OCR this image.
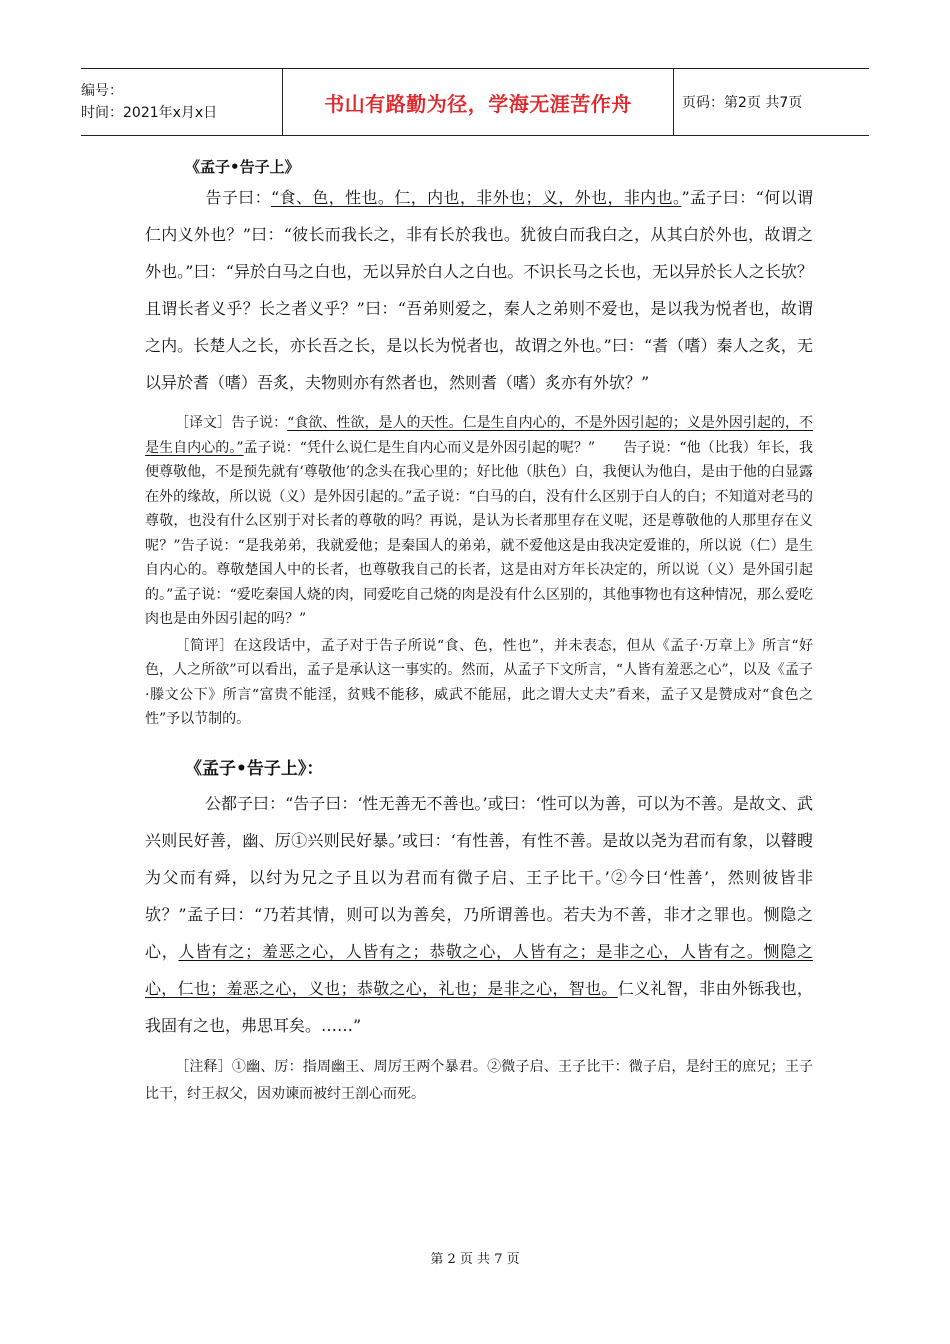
编号：
时间：2021年x月x日	书山有路勤为径，学海无涯苦作舟	页码：第2页 共7页
《孟子•告子上》

告子曰：“食、色，性也。仁，内也，非外也；义，外也，非内也。”孟子曰：“何以谓仁内义外也？”曰：“彼长而我长之，非有长於我也。犹彼白而我白之，从其白於外也，故谓之外也。”曰：“异於白马之白也，无以异於白人之白也。不识长马之长也，无以异於长人之长欤？且谓长者义乎？长之者义乎？”曰：“吾弟则爱之，秦人之弟则不爱也，是以我为悦者也，故谓之内。长楚人之长，亦长吾之长，是以长为悦者也，故谓之外也。”曰：“耆（嗜）秦人之炙，无以异於耆（嗜）吾炙，夫物则亦有然者也，然则耆（嗜）炙亦有外欤？”

［译文］告子说：“食欲、性欲，是人的天性。仁是生自内心的，不是外因引起的；义是外因引起的，不是生自内心的。”孟子说：“凭什么说仁是生自内心而义是外因引起的呢？”　　告子说：“他（比我）年长，我便尊敬他，不是预先就有‘尊敬他’的念头在我心里的；好比他（肤色）白，我便认为他白，是由于他的白显露在外的缘故，所以说（义）是外因引起的。”孟子说：“白马的白，没有什么区别于白人的白；不知道对老马的尊敬，也没有什么区别于对长者的尊敬的吗？再说，是认为长者那里存在义呢，还是尊敬他的人那里存在义呢？”告子说：“是我弟弟，我就爱他；是秦国人的弟弟，就不爱他这是由我决定爱谁的，所以说（仁）是生自内心的。尊敬楚国人中的长者，也尊敬我自己的长者，这是由对方年长决定的，所以说（义）是外国引起的。”孟子说：“爱吃秦国人烧的肉，同爱吃自己烧的肉是没有什么区别的，其他事物也有这种情况，那么爱吃肉也是由外因引起的吗？”

［简评］在这段话中，孟子对于告子所说“食、色，性也”，并未表态，但从《孟子·万章上》所言“好色，人之所欲”可以看出，孟子是承认这一事实的。然而，从孟子下文所言，“人皆有羞恶之心”，以及《孟子·滕文公下》所言“富贵不能淫，贫贱不能移，威武不能屈，此之谓大丈夫”看来，孟子又是赞成对“食色之性”予以节制的。

《孟子•告子上》：

公都子曰：“告子曰：‘性无善无不善也。’或曰：‘性可以为善，可以为不善。是故文、武兴则民好善，幽、厉①兴则民好暴。’或曰：‘有性善，有性不善。是故以尧为君而有象，以瞽瞍为父而有舜，以纣为兄之子且以为君而有微子启、王子比干。’②今曰‘性善’，然则彼皆非欤？”孟子曰：“乃若其情，则可以为善矣，乃所谓善也。若夫为不善，非才之罪也。恻隐之心，人皆有之；羞恶之心，人皆有之；恭敬之心，人皆有之；是非之心，人皆有之。恻隐之心，仁也；羞恶之心，义也；恭敬之心，礼也；是非之心，智也。仁义礼智，非由外铄我也，我固有之也，弗思耳矣。……”

［注释］①幽、厉：指周幽王、周厉王两个暴君。②微子启、王子比干：微子启，是纣王的庶兄；王子比干，纣王叔父，因劝谏而被纣王剖心而死。

第 2 页 共 7 页
